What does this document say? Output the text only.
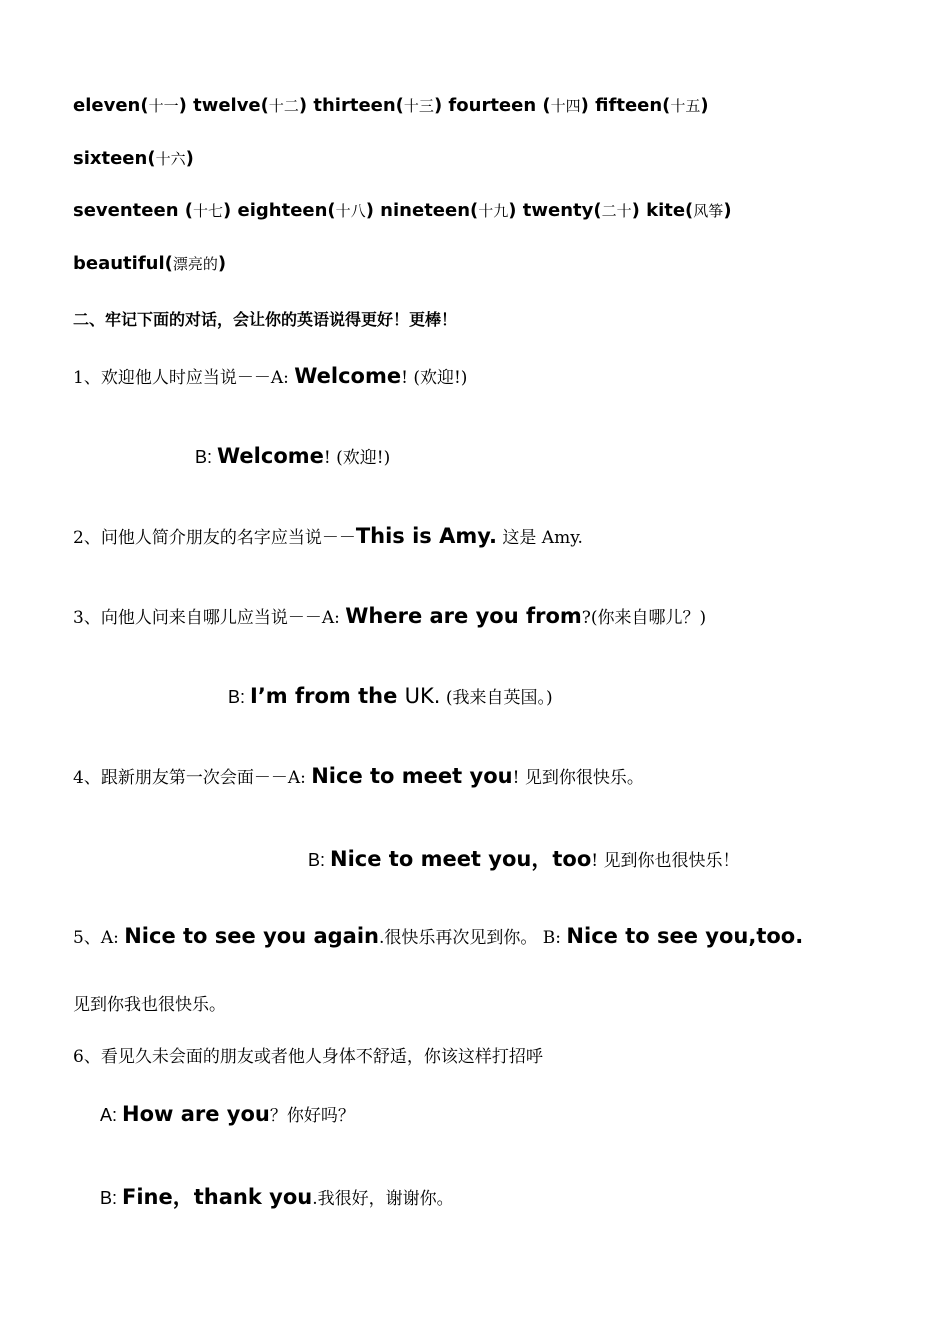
eleven(十一) twelve(十二) thirteen(十三) fourteen (十四) fifteen(十五)
sixteen(十六)
seventeen (十七) eighteen(十八) nineteen(十九) twenty(二十) kite(风筝)
beautiful(漂亮的)
二、牢记下面的对话，会让你的英语说得更好！更棒！
1、欢迎他人时应当说－－A: Welcome! (欢迎!)
B: Welcome! (欢迎!)
2、问他人简介朋友的名字应当说－－This is Amy. 这是 Amy.
3、向他人问来自哪儿应当说－－A: Where are you from?(你来自哪儿？)
B: I’m from the UK. (我来自英国。)
4、跟新朋友第一次会面－－A: Nice to meet you! 见到你很快乐。
B: Nice to meet you，too! 见到你也很快乐！
5、A: Nice to see you again.很快乐再次见到你。 B: Nice to see you,too.
见到你我也很快乐。
6、看见久未会面的朋友或者他人身体不舒适，你该这样打招呼
A: How are you？你好吗？
B: Fine，thank you.我很好，谢谢你。
